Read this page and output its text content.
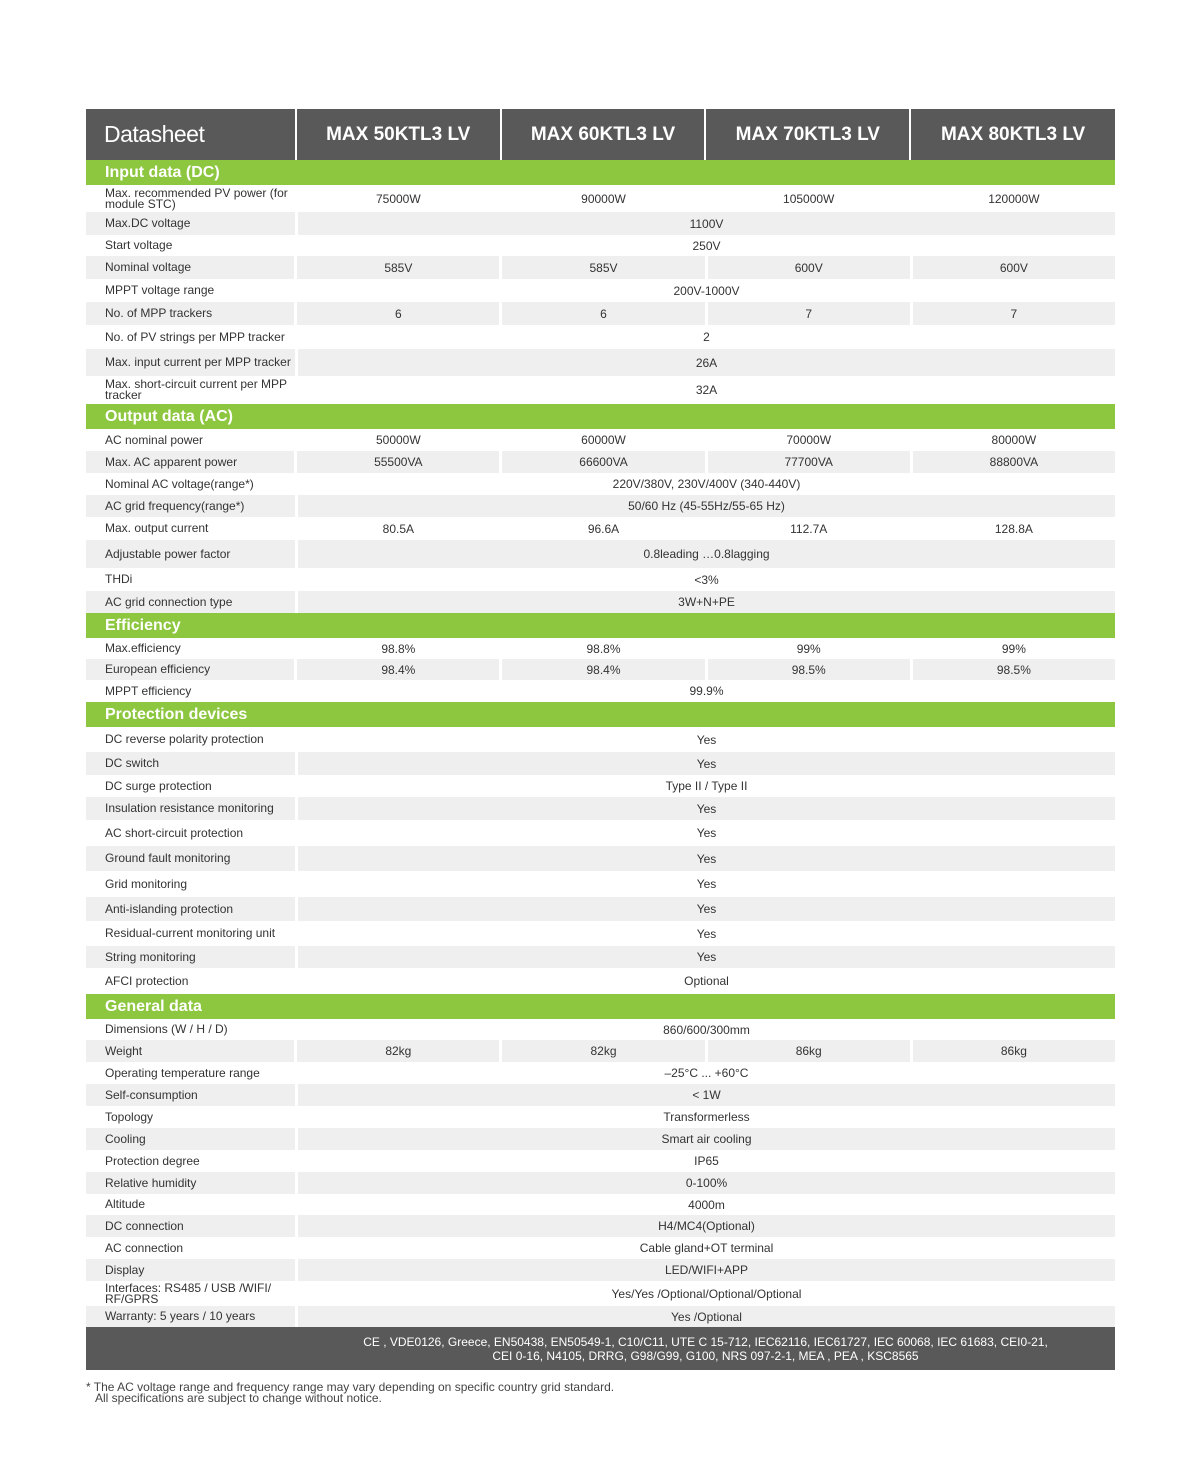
Datasheet	MAX 50KTL3 LV	MAX 60KTL3 LV	MAX 70KTL3 LV	MAX 80KTL3 LV
Input data (DC)
Max. recommended PV power (for module STC)	75000W	90000W	105000W	120000W
Max.DC voltage	1100V
Start voltage	250V
Nominal voltage	585V	585V	600V	600V
MPPT voltage range	200V-1000V
No. of MPP trackers	6	6	7	7
No. of PV strings per MPP tracker	2
Max. input current per MPP tracker	26A
Max. short-circuit current per MPP tracker	32A
Output data (AC)
AC nominal power	50000W	60000W	70000W	80000W
Max. AC apparent power	55500VA	66600VA	77700VA	88800VA
Nominal AC voltage(range*)	220V/380V, 230V/400V (340-440V)
AC grid frequency(range*)	50/60 Hz (45-55Hz/55-65 Hz)
Max. output current	80.5A	96.6A	112.7A	128.8A
Adjustable power factor	0.8leading …0.8lagging
THDi	<3%
AC grid connection type	3W+N+PE
Efficiency
Max.efficiency	98.8%	98.8%	99%	99%
European efficiency	98.4%	98.4%	98.5%	98.5%
MPPT efficiency	99.9%
Protection devices
DC reverse polarity protection	Yes
DC switch	Yes
DC surge protection	Type II / Type II
Insulation resistance monitoring	Yes
AC short-circuit protection	Yes
Ground fault monitoring	Yes
Grid monitoring	Yes
Anti-islanding protection	Yes
Residual-current monitoring unit	Yes
String monitoring	Yes
AFCI protection	Optional
General data
Dimensions (W / H / D)	860/600/300mm
Weight	82kg	82kg	86kg	86kg
Operating temperature range	–25°C ... +60°C
Self-consumption	< 1W
Topology	Transformerless
Cooling	Smart air cooling
Protection degree	IP65
Relative humidity	0-100%
Altitude	4000m
DC connection	H4/MC4(Optional)
AC connection	Cable gland+OT terminal
Display	LED/WIFI+APP
Interfaces: RS485 / USB /WIFI/ RF/GPRS	Yes/Yes /Optional/Optional/Optional
Warranty: 5 years / 10 years	Yes /Optional
CE , VDE0126, Greece, EN50438, EN50549-1, C10/C11, UTE C 15-712, IEC62116, IEC61727, IEC 60068, IEC 61683, CEI0-21,
CEI 0-16, N4105, DRRG, G98/G99, G100, NRS 097-2-1, MEA , PEA , KSC8565
* The AC voltage range and frequency range may vary depending on specific country grid standard.
All specifications are subject to change without notice.
